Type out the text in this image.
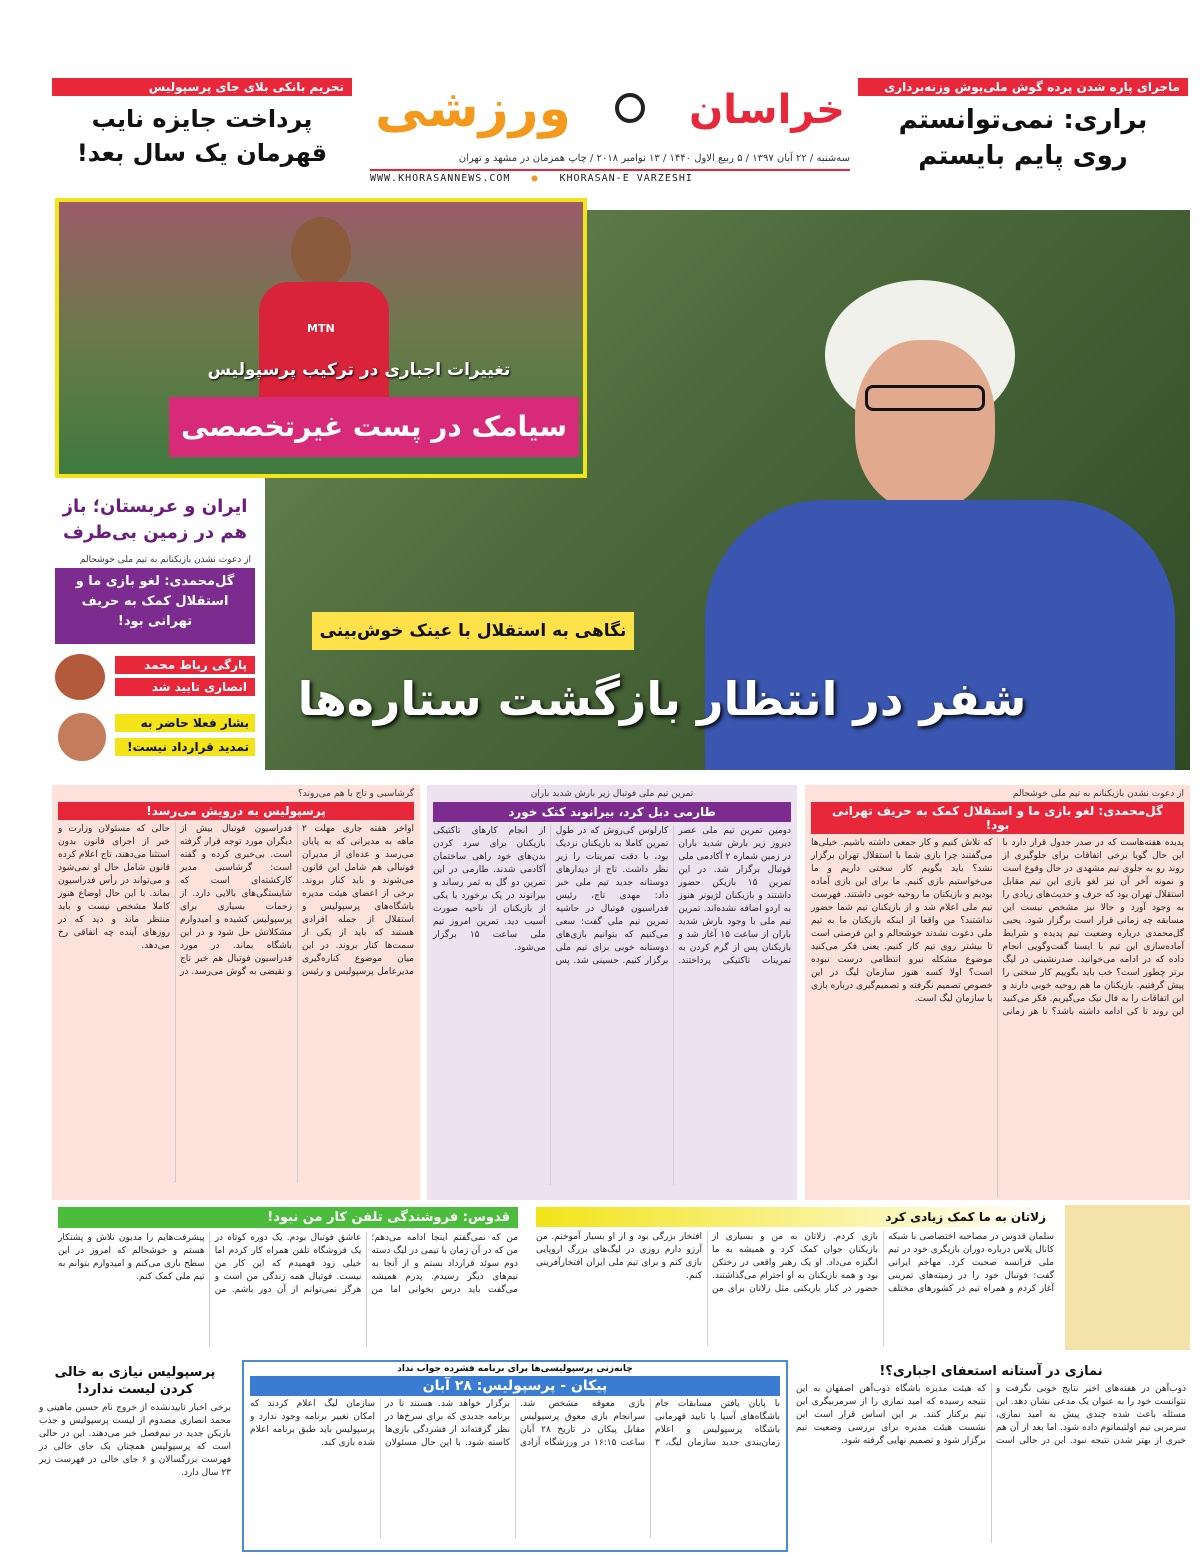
ورزشی	خراسان
سه‌شنبه / ۲۲ آبان ۱۳۹۷ / ۵ ربیع الاول ۱۴۴۰ / ۱۳ نوامبر ۲۰۱۸ / چاپ همزمان در مشهد و تهران
WWW.KHORASANNEWS.COM ● KHORASAN-E VARZESHI
ماجرای پاره شدن پرده گوش ملی‌پوش وزنه‌برداری
براری: نمی‌توانستم روی پایم بایستم
تحریم بانکی بلای جای پرسپولیس
پرداخت جایزه نایب قهرمان یک سال بعد!
نگاهی به استقلال با عینک خوش‌بینی
شفر در انتظار بازگشت ستاره‌ها
MTN
تغییرات اجباری در ترکیب پرسپولیس
سیامک در پست غیرتخصصی
ایران و عربستان؛ باز هم در زمین بی‌طرف
از دعوت نشدن بازیکنانم به تیم ملی خوشحالم
گل‌محمدی: لغو بازی ما و استقلال کمک به حریف تهرانی بود!
پارگی رباط محمد
انصاری تایید شد
بشار فعلا حاضر به
تمدید قرارداد نیست!
از دعوت نشدن بازیکنانم به تیم ملی خوشحالم
گل‌محمدی: لغو بازی ما و استقلال کمک به حریف تهرانی بود!
پدیده هفته‌هاست که در صدر جدول قرار دارد با این حال گویا برخی اتفاقات برای جلوگیری از روند رو به جلوی تیم مشهدی در حال وقوع است و نمونه آخر آن نیز لغو بازی این تیم مقابل استقلال تهران بود که حرف و حدیث‌های زیادی را به وجود آورد و حالا نیز مشخص نیست این مسابقه چه زمانی قرار است برگزار شود. یحیی گل‌محمدی درباره وضعیت تیم پدیده و شرایط آماده‌سازی این تیم با ایسنا گفت‌وگویی انجام داده که در ادامه می‌خوانید. صدرنشینی در لیگ برتر چطور است؟ خب باید بگوییم کار سختی را پیش گرفتیم. بازیکنان ما هم روحیه خوبی دارند و این اتفاقات را به فال نیک می‌گیریم. فکر می‌کنید این روند تا کی ادامه داشته باشد؟ تا هر زمانی که تلاش کنیم و کار جمعی داشته باشیم. خیلی‌ها می‌گفتند چرا بازی شما با استقلال تهران برگزار نشد؟ باید بگویم کار سختی داریم و ما می‌خواستیم بازی کنیم. ما برای این بازی آماده بودیم و بازیکنان ما روحیه خوبی داشتند. فهرست تیم ملی اعلام شد و از بازیکنان تیم شما حضور نداشتند؟ من واقعا از اینکه بازیکنان ما به تیم ملی دعوت نشدند خوشحالم و این فرصتی است تا بیشتر روی تیم کار کنیم. یعنی فکر می‌کنید موضوع مشکله نیرو انتظامی درست نبوده است؟ اولا کسه هنوز سازمان لیگ در این خصوص تصمیم نگرفته و تصمیم‌گیری درباره بازی با سازمان لیگ است.
تمرین تیم ملی فوتبال زیر بارش شدید باران
طارمی دبل کرد، بیرانوند کتک خورد
دومین تمرین تیم ملی عصر دیروز زیر بارش شدید باران در زمین شماره ۲ آکادمی ملی فوتبال برگزار شد. در این تمرین ۱۵ بازیکن حضور داشتند و بازیکنان لژیونر هنوز به اردو اضافه نشده‌اند. تمرین تیم ملی با وجود بارش شدید باران از ساعت ۱۵ آغاز شد و بازیکنان پس از گرم کردن به تمرینات تاکتیکی پرداختند. کارلوس کی‌روش که در طول تمرین کاملا به بازیکنان نزدیک بود، با دقت تمرینات را زیر نظر داشت. تاج از دیدارهای دوستانه جدید تیم ملی خبر داد: مهدی تاج، رئیس فدراسیون فوتبال در حاشیه تمرین تیم ملی گفت: سعی می‌کنیم که بتوانیم بازی‌های دوستانه خوبی برای تیم ملی برگزار کنیم. حسینی شد. پس از انجام کارهای تاکتیکی بازیکنان برای سرد کردن بدن‌های خود راهی ساختمان آکادمی شدند. طارمی در این تمرین دو گل به ثمر رساند و بیرانوند در یک برخورد با یکی از بازیکنان از ناحیه صورت آسیب دید. تمرین امروز تیم ملی ساعت ۱۵ برگزار می‌شود.
گرشاسبی و تاج با هم می‌روند؟
پرسپولیس به درویش می‌رسد!
اواخر هفته جاری مهلت ۲ ماهه به مدیرانی که به پایان می‌رسد و عده‌ای از مدیران فوتبالی هم شامل این قانون می‌شوند و باید کنار بروند. برخی از اعضای هیئت مدیره باشگاه‌های پرسپولیس و استقلال از جمله افرادی هستند که باید از یکی از سمت‌ها کنار بروند. در این میان موضوع کناره‌گیری مدیرعامل پرسپولیس و رئیس فدراسیون فوتبال بیش از دیگران مورد توجه قرار گرفته است. بی‌خبری کرده و گفته است: گرشاسبی مدیر کارکشته‌ای است که شایستگی‌های بالایی دارد. از زحمات بسیاری برای پرسپولیس کشیده و امیدوارم مشکلاتش حل شود و در این باشگاه بماند. در مورد فدراسیون فوتبال هم خبر تاج و نقیضی به گوش می‌رسد. در حالی که مسئولان وزارت و خبر از اجرای قانون بدون استثنا می‌دهند، تاج اعلام کرده قانون شامل حال او نمی‌شود و می‌تواند در رأس فدراسیون بماند. با این حال اوضاع هنوز کاملا مشخص نیست و باید منتظر ماند و دید که در روزهای آینده چه اتفاقی رخ می‌دهد.
زلاتان به ما کمک زیادی کرد
سلمان قدوس در مصاحبه اختصاصی با شبکه کانال پلاس درباره دوران بازیگری خود در تیم ملی فرانسه صحبت کرد. مهاجم ایرانی گفت: فوتبال خود را در زمینه‌های تمرینی آغاز کردم و همراه تیم در کشورهای مختلف بازی کردم. زلاتان به من و بسیاری از بازیکنان جوان کمک کرد و همیشه به ما انگیزه می‌داد. او یک رهبر واقعی در رختکن بود و همه بازیکنان به او احترام می‌گذاشتند. حضور در کنار بازیکنی مثل زلاتان برای من افتخار بزرگی بود و از او بسیار آموختم. من آرزو دارم روزی در لیگ‌های بزرگ اروپایی بازی کنم و برای تیم ملی ایران افتخارآفرینی کنم.
قدوس: فروشندگی تلفن کار من نبود!
من که نمی‌گفتم اینجا ادامه می‌دهم؛ من که در آن زمان با تیمی در لیگ دسته دوم سوئد قرارداد بستم و از آنجا به تیم‌های دیگر رسیدم. پدرم همیشه می‌گفت باید درس بخوانی اما من عاشق فوتبال بودم. یک دوره کوتاه در یک فروشگاه تلفن همراه کار کردم اما خیلی زود فهمیدم که این کار من نیست. فوتبال همه زندگی من است و هرگز نمی‌توانم از آن دور باشم. من پیشرفت‌هایم را مدیون تلاش و پشتکار هستم و خوشحالم که امروز در این سطح بازی می‌کنم و امیدوارم بتوانم به تیم ملی کمک کنم.
نمازی در آستانه استعفای اجباری؟!
ذوب‌آهن در هفته‌های اخیر نتایج خوبی نگرفت و نتوانست خود را به عنوان یک مدعی نشان دهد. این مسئله باعث شده چندی پیش به امید نمازی، سرمربی تیم اولتیماتوم داده شود. اما بعد از آن هم خبری از بهتر شدن نتیجه نبود. این در حالی است که هیئت مدیره باشگاه ذوب‌آهن اصفهان به این نتیجه رسیده که امید نمازی را از سرمربیگری این تیم برکنار کنند. بر این اساس قرار است این نشست هیئت مدیره برای بررسی وضعیت تیم برگزار شود و تصمیم نهایی گرفته شود.
چانه‌زنی پرسپولیسی‌ها برای برنامه فشرده جواب نداد
پیکان - پرسپولیس: ۲۸ آبان
با پایان یافتن مسابقات جام باشگاه‌های آسیا با تایید قهرمانی باشگاه پرسپولیس و اعلام زمان‌بندی جدید سازمان لیگ، ۳ بازی معوقه مشخص شد. سرانجام بازی معوق پرسپولیس مقابل پیکان در تاریخ ۲۸ آبان ساعت ۱۶:۱۵ در ورزشگاه آزادی برگزار خواهد شد. هستند تا در برنامه جدیدی که برای سرخ‌ها در نظر گرفته‌اند از فشردگی بازی‌ها کاسته شود. با این حال مسئولان سازمان لیگ اعلام کردند که امکان تغییر برنامه وجود ندارد و پرسپولیس باید طبق برنامه اعلام شده بازی کند.
پرسپولیس نیازی به خالی کردن لیست ندارد!
برخی اخبار تاییدنشده از خروج نام حسین ماهینی و محمد انصاری مصدوم از لیست پرسپولیس و جذب بازیکن جدید در نیم‌فصل خبر می‌دهند. این در حالی است که پرسپولیس همچنان یک جای خالی در فهرست بزرگسالان و ۶ جای خالی در فهرست زیر ۲۳ سال دارد.
